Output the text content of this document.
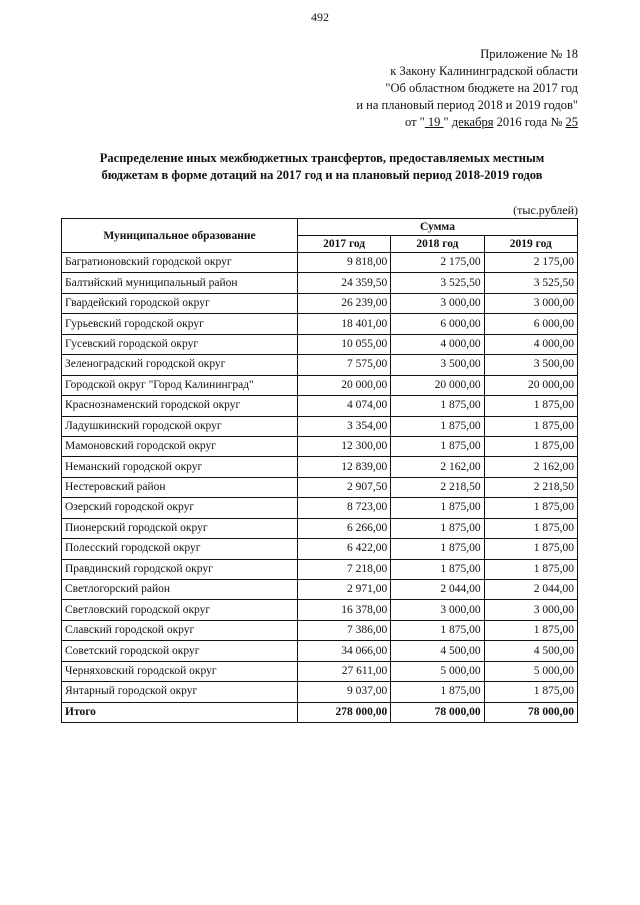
492
Приложение № 18
к Закону Калининградской области
"Об областном бюджете на 2017 год
и на плановый период 2018 и 2019 годов"
от " 19 " декабря 2016 года № 25
Распределение иных межбюджетных трансфертов, предоставляемых местным бюджетам в форме дотаций на 2017 год и на плановый период 2018-2019 годов
(тыс.рублей)
Муниципальное образование	Сумма		
	2017 год	2018 год	2019 год
Багратионовский городской округ	9 818,00	2 175,00	2 175,00
Балтийский муниципальный район	24 359,50	3 525,50	3 525,50
Гвардейский городской округ	26 239,00	3 000,00	3 000,00
Гурьевский городской округ	18 401,00	6 000,00	6 000,00
Гусевский городской округ	10 055,00	4 000,00	4 000,00
Зеленоградский городской округ	7 575,00	3 500,00	3 500,00
Городской округ "Город Калининград"	20 000,00	20 000,00	20 000,00
Краснознаменский городской округ	4 074,00	1 875,00	1 875,00
Ладушкинский городской округ	3 354,00	1 875,00	1 875,00
Мамоновский городской округ	12 300,00	1 875,00	1 875,00
Неманский городской округ	12 839,00	2 162,00	2 162,00
Нестеровский район	2 907,50	2 218,50	2 218,50
Озерский городской округ	8 723,00	1 875,00	1 875,00
Пионерский городской округ	6 266,00	1 875,00	1 875,00
Полесский городской округ	6 422,00	1 875,00	1 875,00
Правдинский городской округ	7 218,00	1 875,00	1 875,00
Светлогорский район	2 971,00	2 044,00	2 044,00
Светловский городской округ	16 378,00	3 000,00	3 000,00
Славский городской округ	7 386,00	1 875,00	1 875,00
Советский городской округ	34 066,00	4 500,00	4 500,00
Черняховский городской округ	27 611,00	5 000,00	5 000,00
Янтарный городской округ	9 037,00	1 875,00	1 875,00
Итого	278 000,00	78 000,00	78 000,00
